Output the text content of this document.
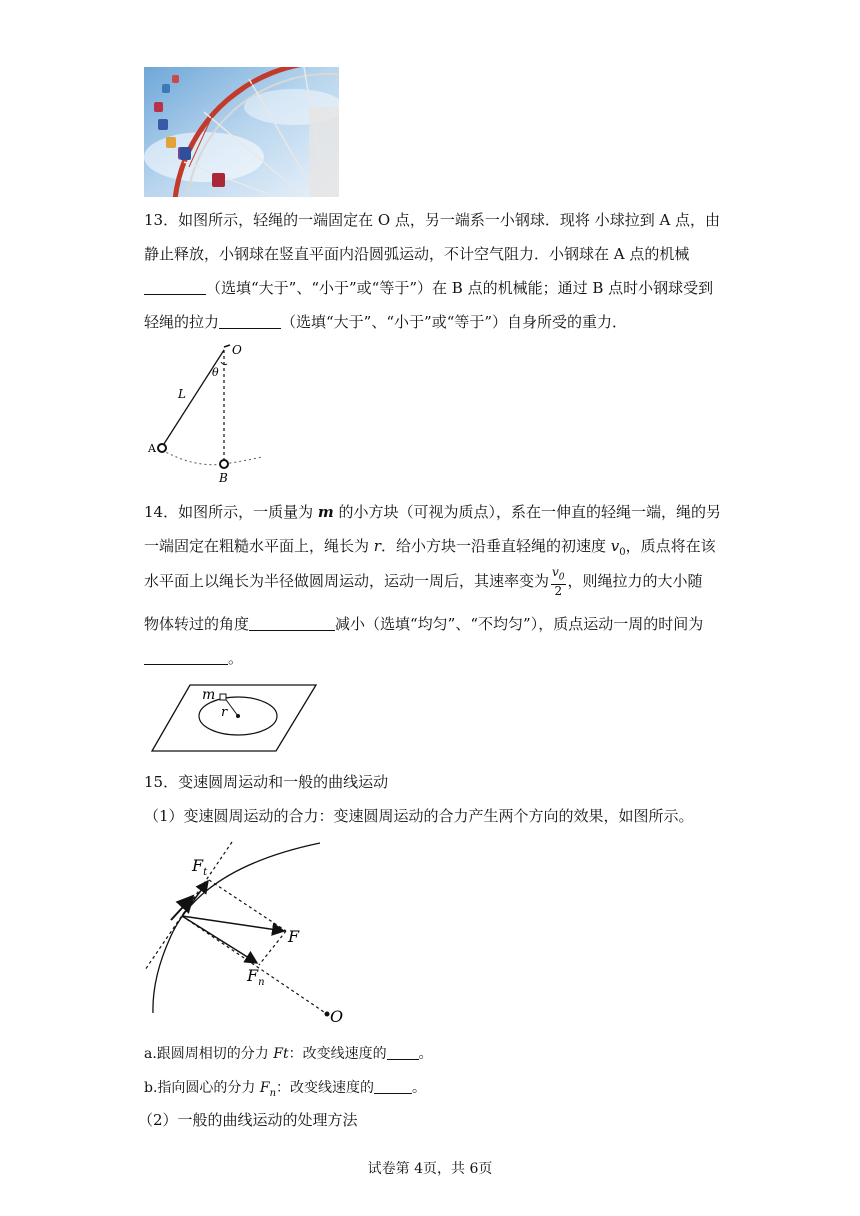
13．如图所示，轻绳的一端固定在 O 点，另一端系一小钢球．现将 小球拉到 A 点，由
静止释放，小钢球在竖直平面内沿圆弧运动，不计空气阻力．小钢球在 A 点的机械
（选填“大于”、“小于”或“等于”）在 B 点的机械能；通过 B 点时小钢球受到
轻绳的拉力	（选填“大于”、“小于”或“等于”）自身所受的重力．
O
θ
L
A
B
14．如图所示，一质量为 m 的小方块（可视为质点），系在一伸直的轻绳一端，绳的另
一端固定在粗糙水平面上，绳长为 r．给小方块一沿垂直轻绳的初速度 $v_0$，质点将在该
水平面上以绳长为半径做圆周运动，运动一周后，其速率变为 $\frac{v_0}{2}$ ，则绳拉力的大小随
物体转过的角度	减小（选填“均匀”、“不均匀”），质点运动一周的时间为
。
m
r
15．变速圆周运动和一般的曲线运动
（1）变速圆周运动的合力：变速圆周运动的合力产生两个方向的效果，如图所示。
$F_t$
F
$F_n$
O
a.跟圆周相切的分力 Ft：改变线速度的 。
b.指向圆心的分力 $F_n$：改变线速度的	。
（2）一般的曲线运动的处理方法
试卷第 4页，共 6页
